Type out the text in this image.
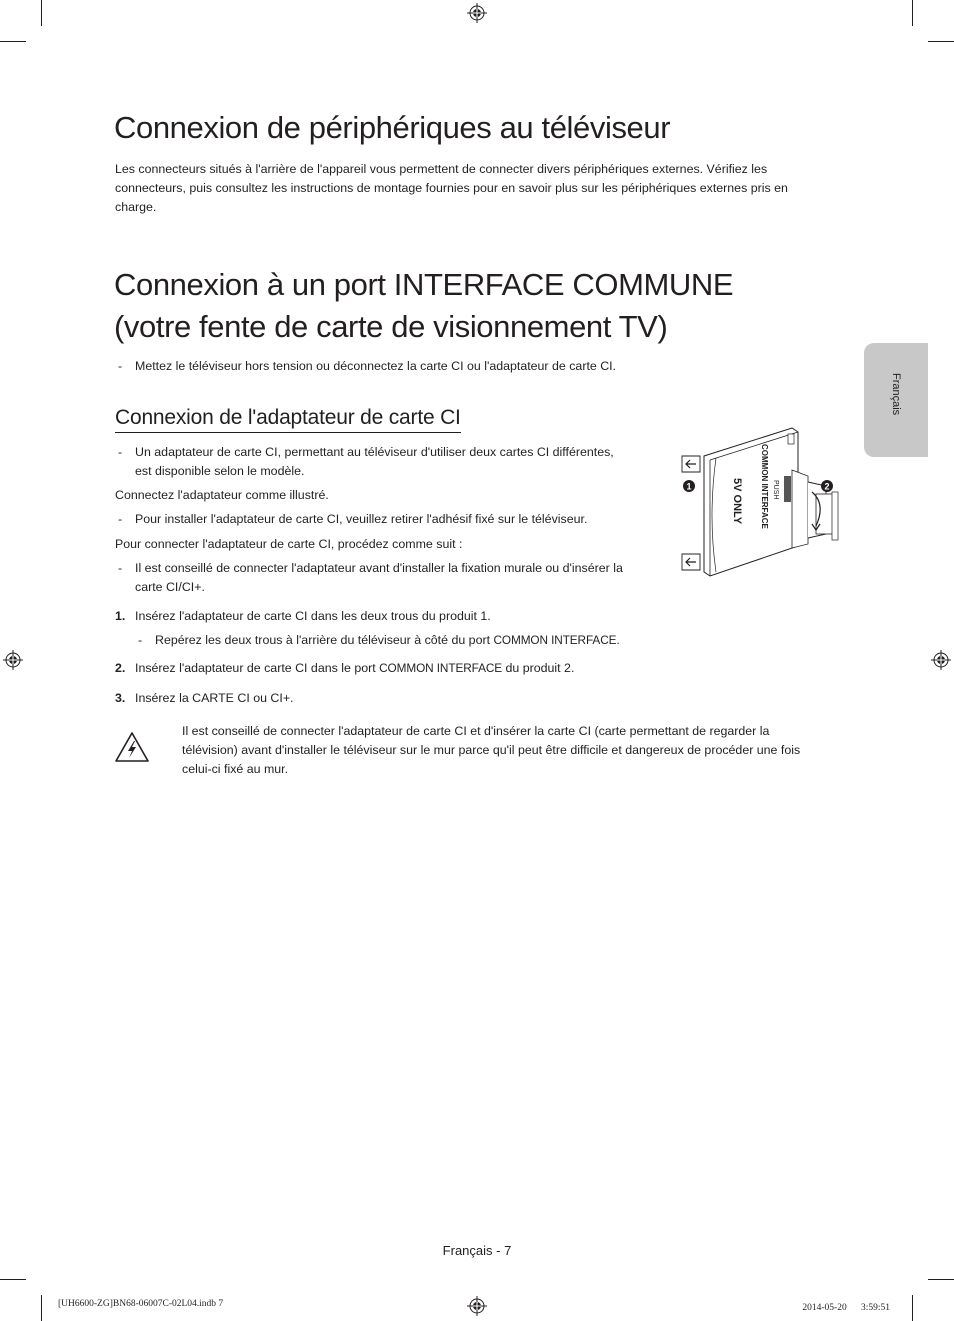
Connexion de périphériques au téléviseur
Les connecteurs situés à l'arrière de l'appareil vous permettent de connecter divers périphériques externes. Vérifiez les
connecteurs, puis consultez les instructions de montage fournies pour en savoir plus sur les périphériques externes pris en
charge.
Connexion à un port INTERFACE COMMUNE
(votre fente de carte de visionnement TV)
- Mettez le téléviseur hors tension ou déconnectez la carte CI ou l'adaptateur de carte CI.
Connexion de l'adaptateur de carte CI
- Un adaptateur de carte CI, permettant au téléviseur d'utiliser deux cartes CI différentes,
est disponible selon le modèle.
Connectez l'adaptateur comme illustré.
- Pour installer l'adaptateur de carte CI, veuillez retirer l'adhésif fixé sur le téléviseur.
Pour connecter l'adaptateur de carte CI, procédez comme suit :
- Il est conseillé de connecter l'adaptateur avant d'installer la fixation murale ou d'insérer la
carte CI/CI+.
1. Insérez l'adaptateur de carte CI dans les deux trous du produit 1.
- Repérez les deux trous à l'arrière du téléviseur à côté du port COMMON INTERFACE.
2. Insérez l'adaptateur de carte CI dans le port COMMON INTERFACE du produit 2.
3. Insérez la CARTE CI ou CI+.
Il est conseillé de connecter l'adaptateur de carte CI et d'insérer la carte CI (carte permettant de regarder la
télévision) avant d'installer le téléviseur sur le mur parce qu'il peut être difficile et dangereux de procéder une fois
celui-ci fixé au mur.
1	2
COMMON INTERFACE PUSH
5V ONLY
Français
Français - 7
[UH6600-ZG]BN68-06007C-02L04.indb 7	2014-05-20 　 3:59:51
